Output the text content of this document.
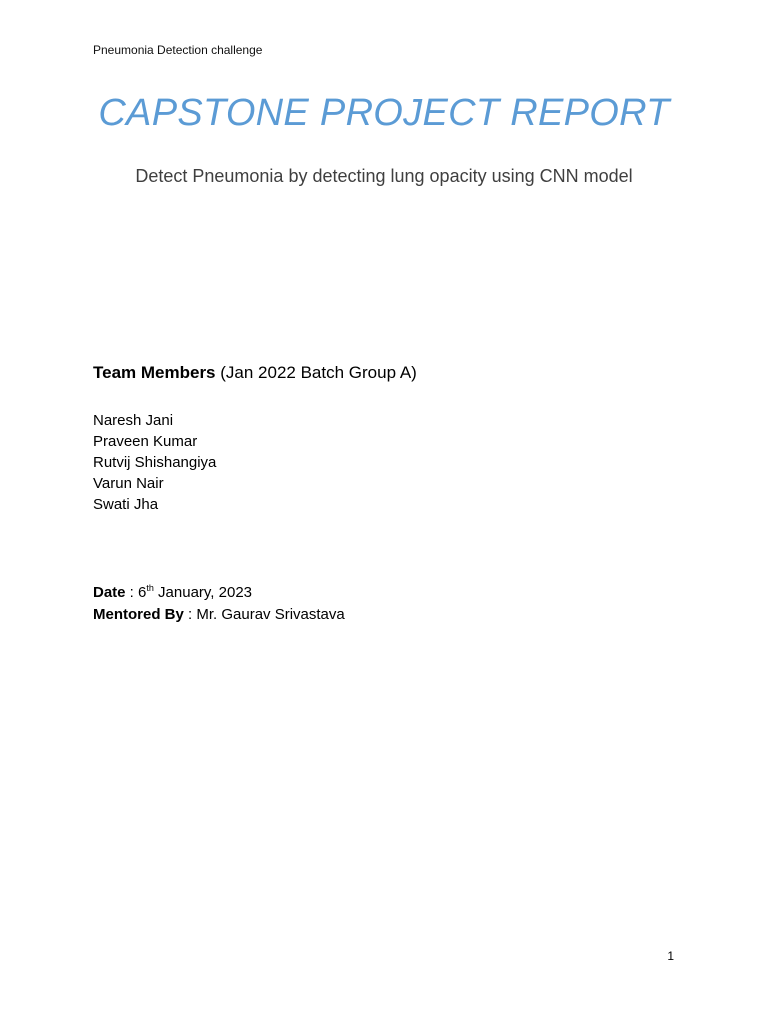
Pneumonia Detection challenge
CAPSTONE PROJECT REPORT
Detect Pneumonia by detecting lung opacity using CNN model
Team Members (Jan 2022 Batch Group A)
Naresh Jani
Praveen Kumar
Rutvij Shishangiya
Varun Nair
Swati Jha
Date : 6th January, 2023
Mentored By : Mr. Gaurav Srivastava
1
